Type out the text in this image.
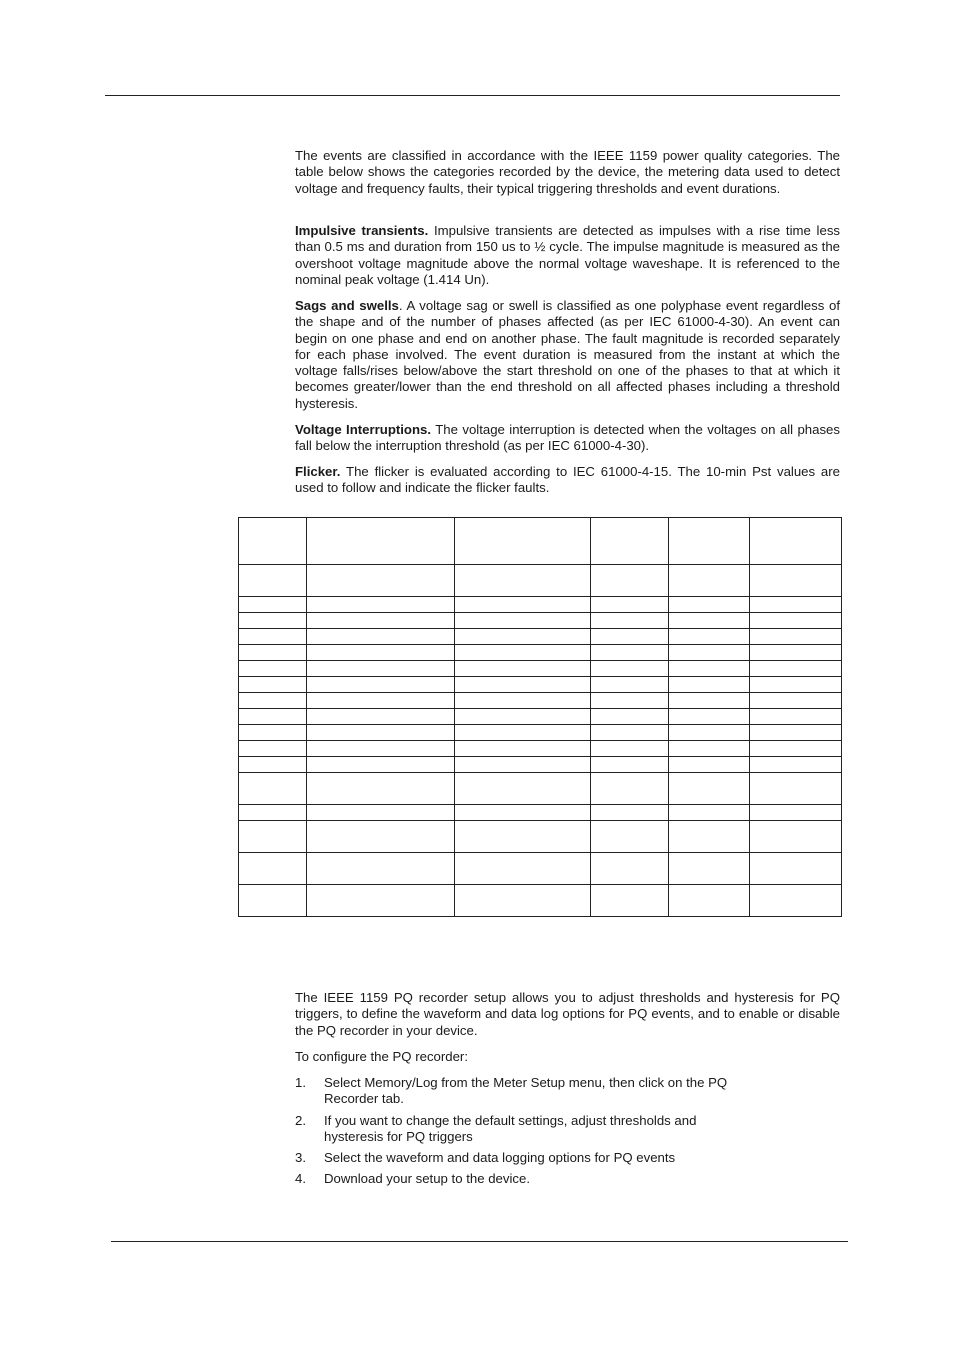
The events are classified in accordance with the IEEE 1159 power quality categories. The table below shows the categories recorded by the device, the metering data used to detect voltage and frequency faults, their typical triggering thresholds and event durations.

Impulsive transients. Impulsive transients are detected as impulses with a rise time less than 0.5 ms and duration from 150 us to ½ cycle. The impulse magnitude is measured as the overshoot voltage magnitude above the normal voltage waveshape. It is referenced to the nominal peak voltage (1.414 Un).

Sags and swells. A voltage sag or swell is classified as one polyphase event regardless of the shape and of the number of phases affected (as per IEC 61000-4-30). An event can begin on one phase and end on another phase. The fault magnitude is recorded separately for each phase involved. The event duration is measured from the instant at which the voltage falls/rises below/above the start threshold on one of the phases to that at which it becomes greater/lower than the end threshold on all affected phases including a threshold hysteresis.

Voltage Interruptions. The voltage interruption is detected when the voltages on all phases fall below the interruption threshold (as per IEC 61000-4-30).

Flicker. The flicker is evaluated according to IEC 61000-4-15. The 10-min Pst values are used to follow and indicate the flicker faults.

The IEEE 1159 PQ recorder setup allows you to adjust thresholds and hysteresis for PQ triggers, to define the waveform and data log options for PQ events, and to enable or disable the PQ recorder in your device.

To configure the PQ recorder:

1. Select Memory/Log from the Meter Setup menu, then click on the PQ Recorder tab.
2. If you want to change the default settings, adjust thresholds and hysteresis for PQ triggers
3. Select the waveform and data logging options for PQ events
4. Download your setup to the device.
